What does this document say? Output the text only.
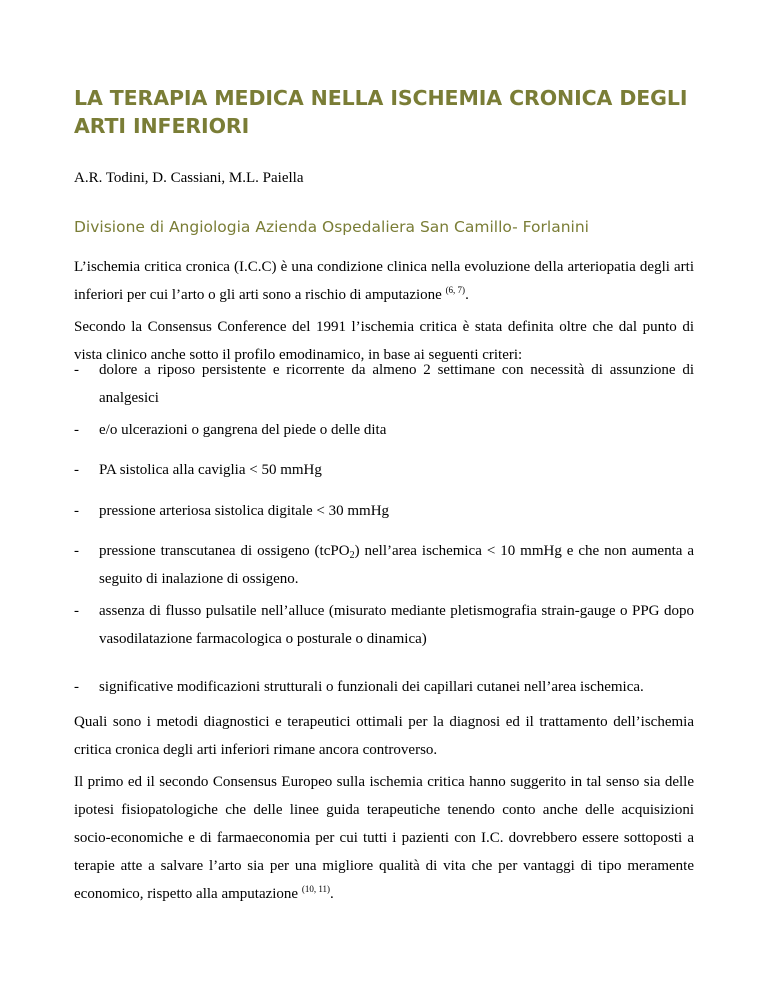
LA TERAPIA MEDICA NELLA ISCHEMIA CRONICA DEGLI ARTI INFERIORI

A.R. Todini, D. Cassiani, M.L. Paiella

Divisione di Angiologia Azienda Ospedaliera San Camillo- Forlanini

L’ischemia critica cronica (I.C.C) è una condizione clinica nella evoluzione della arteriopatia degli arti inferiori per cui l’arto o gli arti sono a rischio di amputazione $^{(6, 7)}$.

Secondo la Consensus Conference del 1991 l’ischemia critica è stata definita oltre che dal punto di vista clinico anche sotto il profilo emodinamico, in base ai seguenti criteri:

- dolore a riposo persistente e ricorrente da almeno 2 settimane con necessità di assunzione di analgesici
- e/o ulcerazioni o gangrena del piede o delle dita
- PA sistolica alla caviglia < 50 mmHg
- pressione arteriosa sistolica digitale < 30 mmHg
- pressione transcutanea di ossigeno (tcPO$_2$) nell’area ischemica < 10 mmHg e che non aumenta a seguito di inalazione di ossigeno.
- assenza di flusso pulsatile nell’alluce (misurato mediante pletismografia strain-gauge o PPG dopo vasodilatazione farmacologica o posturale o dinamica)
- significative modificazioni strutturali o funzionali dei capillari cutanei nell’area ischemica.

Quali sono i metodi diagnostici e terapeutici ottimali per la diagnosi ed il trattamento dell’ischemia critica cronica degli arti inferiori rimane ancora controverso.

Il primo ed il secondo Consensus Europeo sulla ischemia critica hanno suggerito in tal senso sia delle ipotesi fisiopatologiche che delle linee guida terapeutiche tenendo conto anche delle acquisizioni socio-economiche e di farmaeconomia per cui tutti i pazienti con I.C. dovrebbero essere sottoposti a terapie atte a salvare l’arto sia per una migliore qualità di vita che per vantaggi di tipo meramente economico, rispetto alla amputazione $^{(10, 11)}$.
